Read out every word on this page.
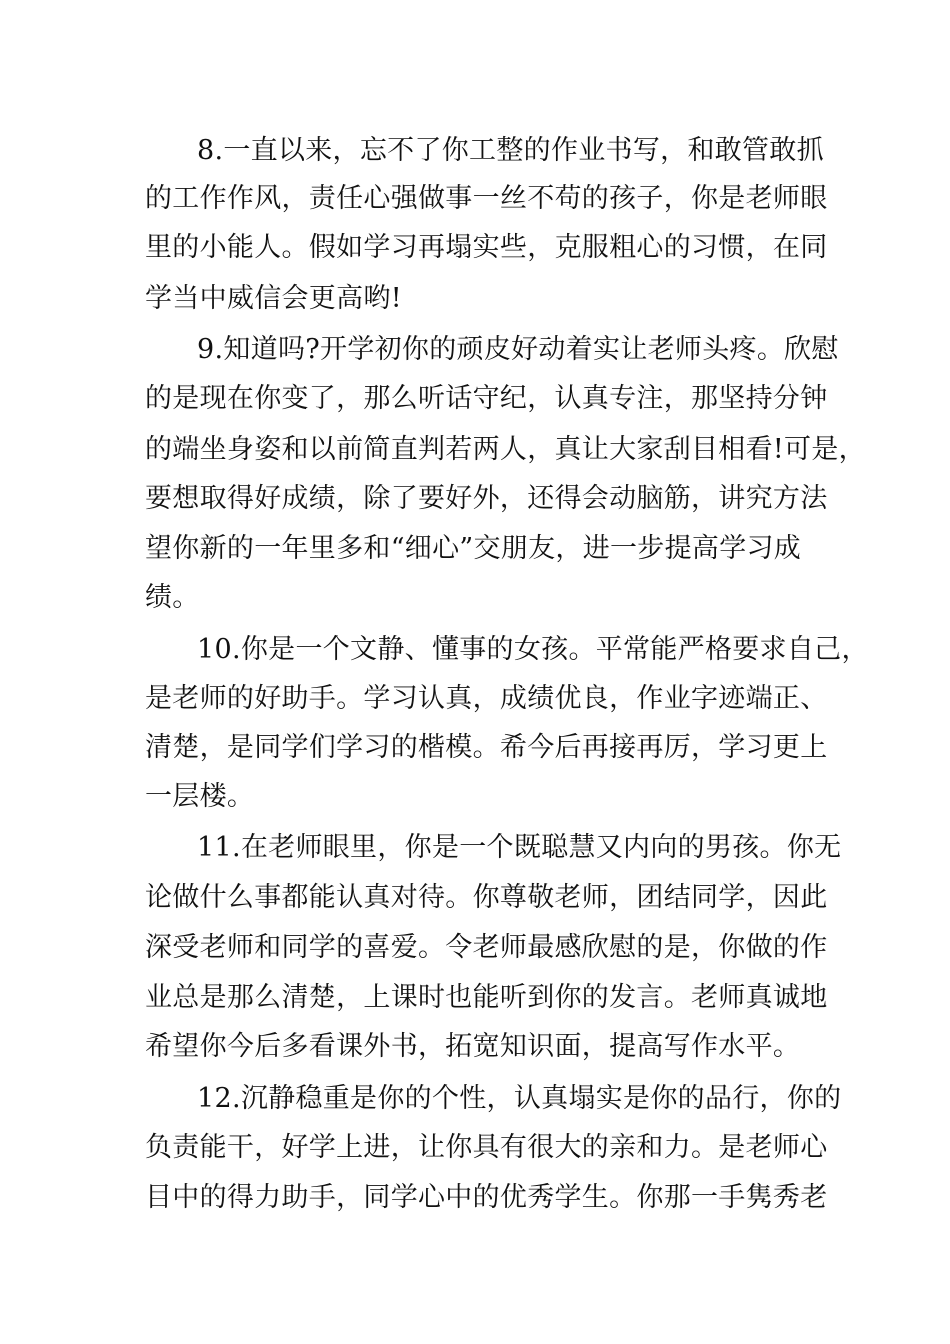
8.一直以来，忘不了你工整的作业书写，和敢管敢抓
的工作作风，责任心强做事一丝不苟的孩子，你是老师眼
里的小能人。假如学习再塌实些，克服粗心的习惯，在同
学当中威信会更高哟!
9.知道吗?开学初你的顽皮好动着实让老师头疼。欣慰
的是现在你变了，那么听话守纪，认真专注，那坚持分钟
的端坐身姿和以前简直判若两人，真让大家刮目相看!可是，
要想取得好成绩，除了要好外，还得会动脑筋，讲究方法
望你新的一年里多和“细心”交朋友，进一步提高学习成
绩。
10.你是一个文静、懂事的女孩。平常能严格要求自己，
是老师的好助手。学习认真，成绩优良，作业字迹端正、
清楚，是同学们学习的楷模。希今后再接再厉，学习更上
一层楼。
11.在老师眼里，你是一个既聪慧又内向的男孩。你无
论做什么事都能认真对待。你尊敬老师，团结同学，因此
深受老师和同学的喜爱。令老师最感欣慰的是，你做的作
业总是那么清楚，上课时也能听到你的发言。老师真诚地
希望你今后多看课外书，拓宽知识面，提高写作水平。
12.沉静稳重是你的个性，认真塌实是你的品行，你的
负责能干，好学上进，让你具有很大的亲和力。是老师心
目中的得力助手，同学心中的优秀学生。你那一手隽秀老
